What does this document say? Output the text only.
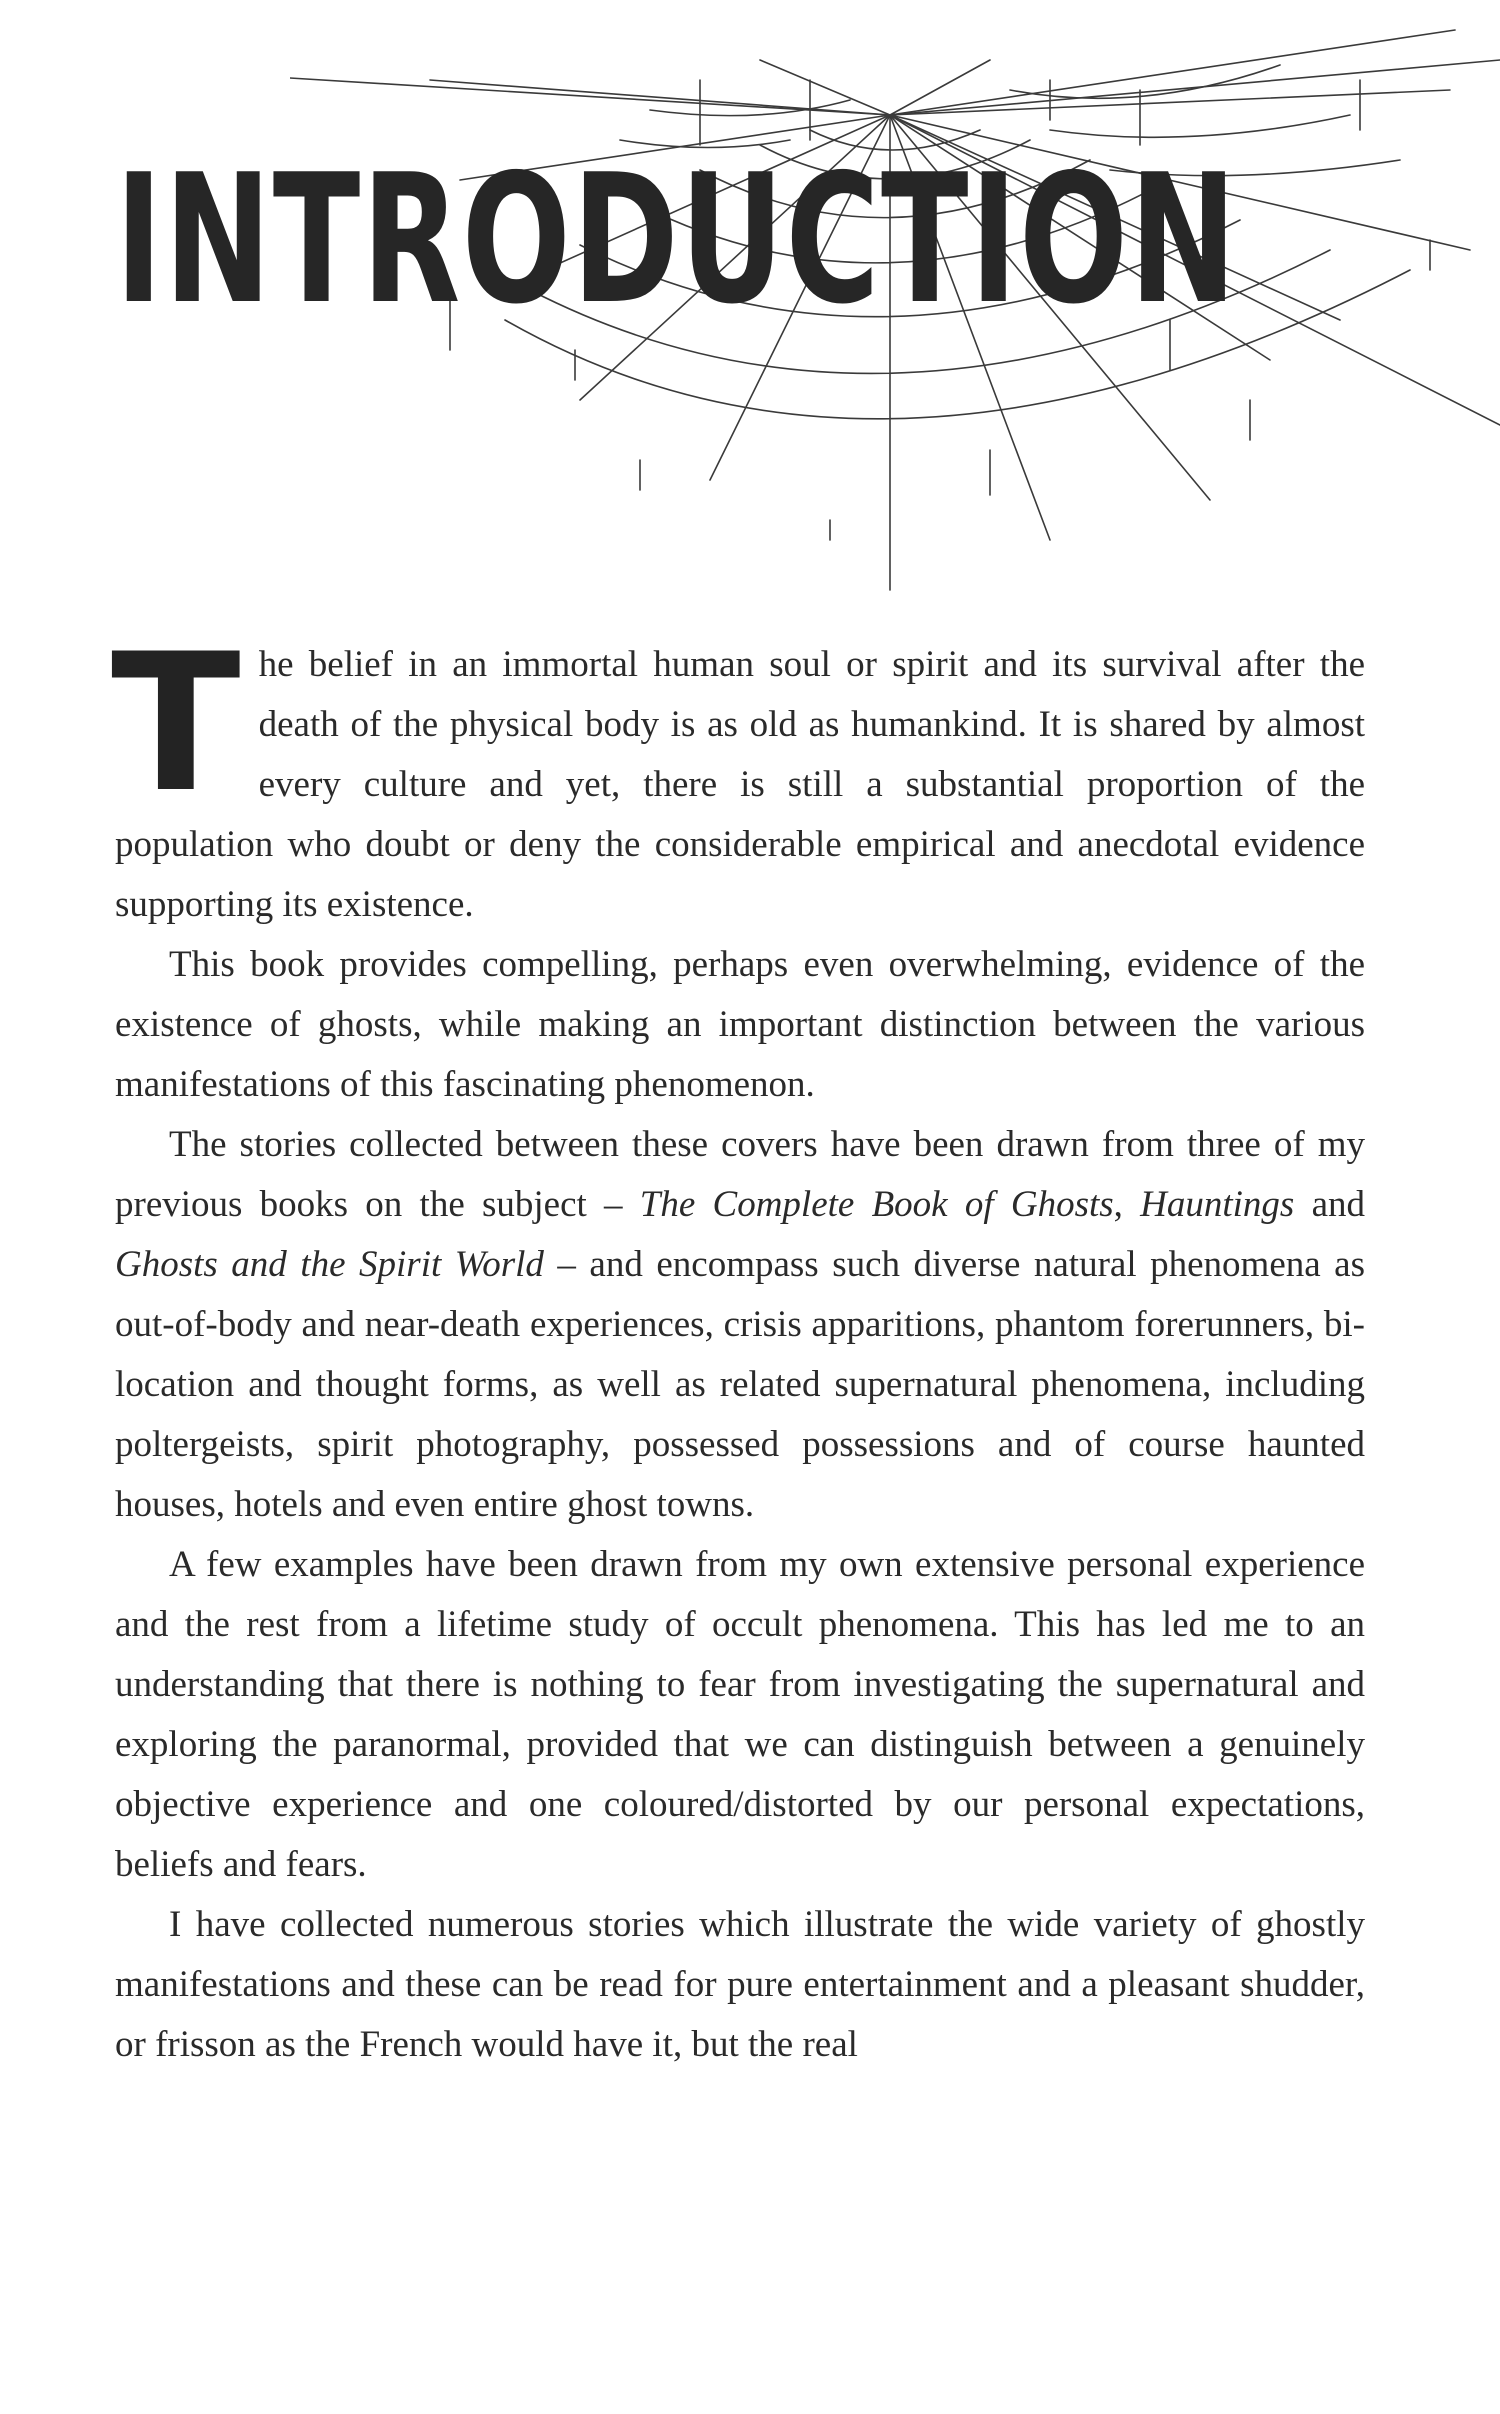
INTRODUCTION

The belief in an immortal human soul or spirit and its survival after the death of the physical body is as old as humankind. It is shared by almost every culture and yet, there is still a substantial proportion of the population who doubt or deny the considerable empirical and anecdotal evidence supporting its existence.

This book provides compelling, perhaps even overwhelming, evidence of the existence of ghosts, while making an important distinction between the various manifestations of this fascinating phenomenon.

The stories collected between these covers have been drawn from three of my previous books on the subject – The Complete Book of Ghosts, Hauntings and Ghosts and the Spirit World – and encompass such diverse natural phenomena as out-of-body and near-death experiences, crisis apparitions, phantom forerunners, bi-location and thought forms, as well as related supernatural phenomena, including poltergeists, spirit photography, possessed possessions and of course haunted houses, hotels and even entire ghost towns.

A few examples have been drawn from my own extensive personal experience and the rest from a lifetime study of occult phenomena. This has led me to an understanding that there is nothing to fear from investigating the supernatural and exploring the paranormal, provided that we can distinguish between a genuinely objective experience and one coloured/distorted by our personal expectations, beliefs and fears.

I have collected numerous stories which illustrate the wide variety of ghostly manifestations and these can be read for pure entertainment and a pleasant shudder, or frisson as the French would have it, but the real
